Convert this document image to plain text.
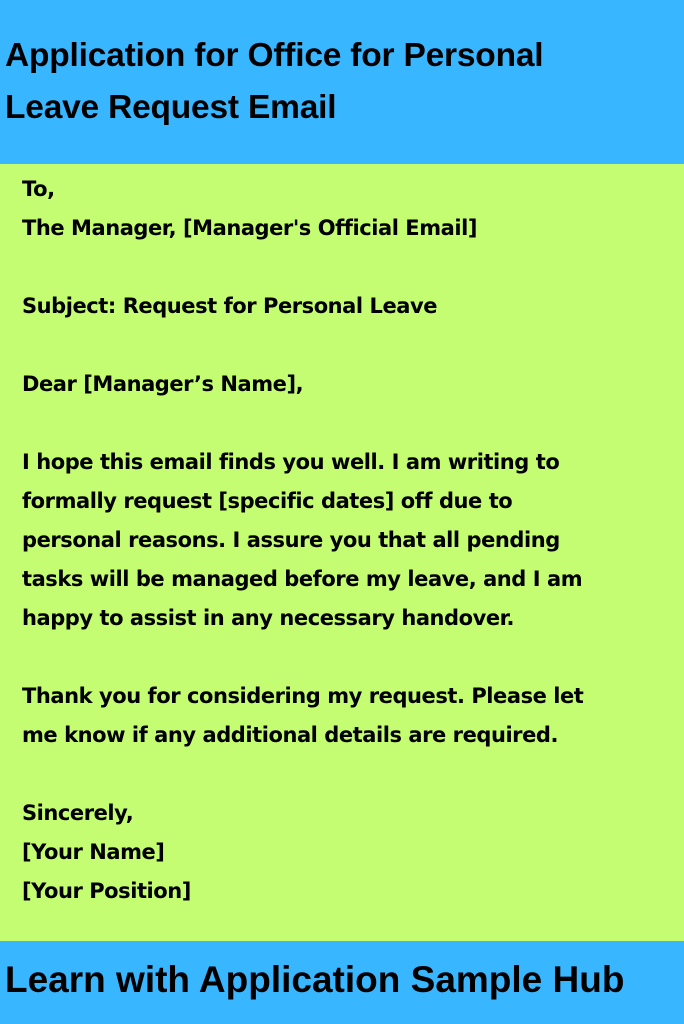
Application for Office for Personal
Leave Request Email
To,
The Manager, [Manager's Official Email]
Subject: Request for Personal Leave
Dear [Manager’s Name],
I hope this email finds you well. I am writing to
formally request [specific dates] off due to
personal reasons. I assure you that all pending
tasks will be managed before my leave, and I am
happy to assist in any necessary handover.
Thank you for considering my request. Please let
me know if any additional details are required.
Sincerely,
[Your Name]
[Your Position]
Learn with Application Sample Hub
